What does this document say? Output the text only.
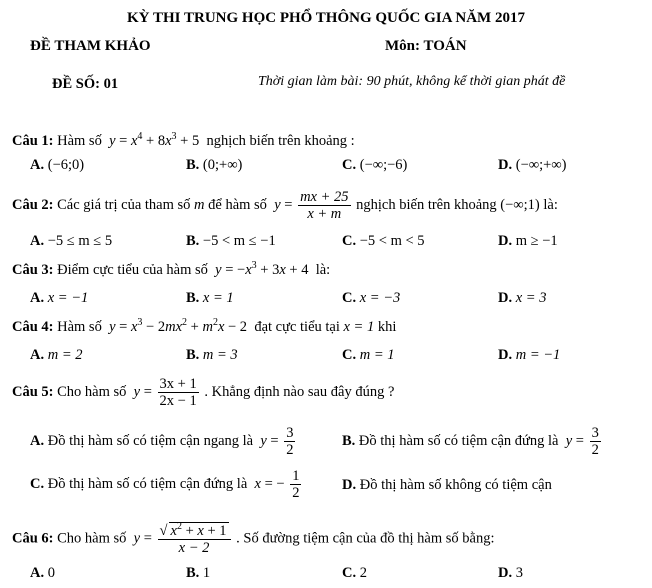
KỲ THI TRUNG HỌC PHỔ THÔNG QUỐC GIA NĂM 2017
ĐỀ THAM KHẢO	Môn: TOÁN
ĐỀ SỐ: 01	Thời gian làm bài: 90 phút, không kể thời gian phát đề
Câu 1: Hàm số  $y = x^4 + 8x^3 + 5$  nghịch biến trên khoảng :
A. (−6;0)	B. (0;+∞)	C. (−∞;−6)	D. (−∞;+∞)
Câu 2: Các giá trị của tham số m để hàm số  $y = \frac{mx + 25}{x + m}$ nghịch biến trên khoảng (−∞;1) là:
A. −5 ≤ m ≤ 5	B. −5 < m ≤ −1	C. −5 < m < 5	D. m ≥ −1
Câu 3: Điểm cực tiểu của hàm số  $y = -x^3 + 3x + 4$  là:
A. x = −1	B. x = 1	C. x = −3	D. x = 3
Câu 4: Hàm số  $y = x^3 - 2mx^2 + m^2x - 2$  đạt cực tiểu tại x = 1 khi
A. m = 2	B. m = 3	C. m = 1	D. m = −1
Câu 5: Cho hàm số  $y = \frac{3x + 1}{2x - 1}$ . Khẳng định nào sau đây đúng ?
A. Đồ thị hàm số có tiệm cận ngang là  $y = \frac{3}{2}$	B. Đồ thị hàm số có tiệm cận đứng là  $y = \frac{3}{2}$
C. Đồ thị hàm số có tiệm cận đứng là  x = − $\frac{1}{2}$	D. Đồ thị hàm số không có tiệm cận
Câu 6: Cho hàm số  $y = \frac{√ x^2 + x + 1}{x - 2}$ . Số đường tiệm cận của đồ thị hàm số bằng:
A. 0	B. 1	C. 2	D. 3
